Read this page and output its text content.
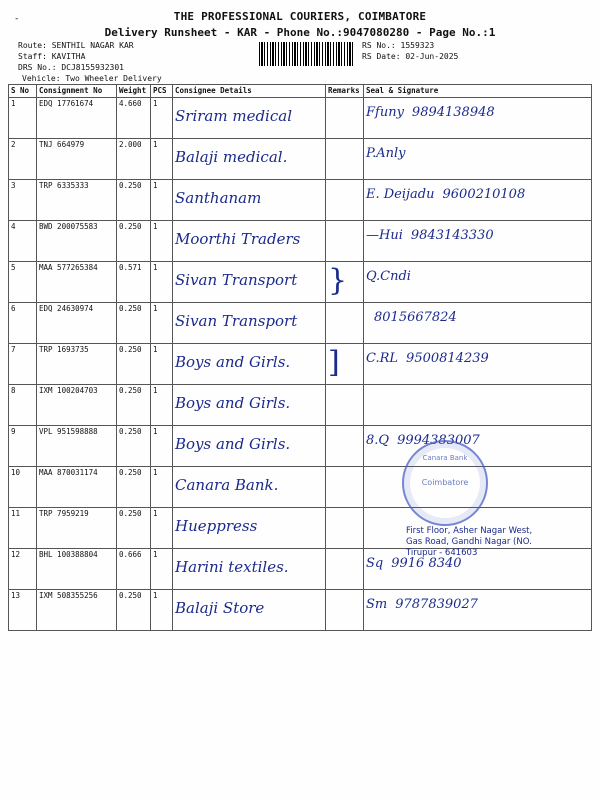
-	THE PROFESSIONAL COURIERS, COIMBATORE
Delivery Runsheet - KAR - Phone No.:9047080280 - Page No.:1
Route: SENTHIL NAGAR KAR
Staff: KAVITHA
DRS No.: DCJ8155932301
Vehicle: Two Wheeler Delivery
RS No.: 1559323
RS Date: 02-Jun-2025
S No	Consignment No	Weight	PCS	Consignee Details	Remarks	Seal & Signature
1	EDQ 17761674	4.660	1	Sriram medical		Ffuny 9894138948

2	TNJ 664979	2.000	1	Balaji medical.		P.Anly

3	TRP 6335333	0.250	1	Santhanam		E. Deijadu 9600210108

4	BWD 200075583	0.250	1	Moorthi Traders		—Hui 9843143330

5	MAA 577265384	0.571	1	Sivan Transport	}	Q.Cndi

6	EDQ 24630974	0.250	1	Sivan Transport		8015667824

7	TRP 1693735	0.250	1	Boys and Girls.	]	C.RL 9500814239

8	IXM 100204703	0.250	1	Boys and Girls.		

9	VPL 951598888	0.250	1	Boys and Girls.		8.Q 9994383007

10	MAA 870031174	0.250	1	Canara Bank.		

11	TRP 7959219	0.250	1	Hueppress		

12	BHL 100388804	0.666	1	Harini textiles.		Sq 9916 8340

13	IXM 508355256	0.250	1	Balaji Store		Sm 9787839027
Canara Bank
Coimbatore
First Floor, Asher Nagar West,
Gas Road, Gandhi Nagar (NO.
Tirupur - 641603
